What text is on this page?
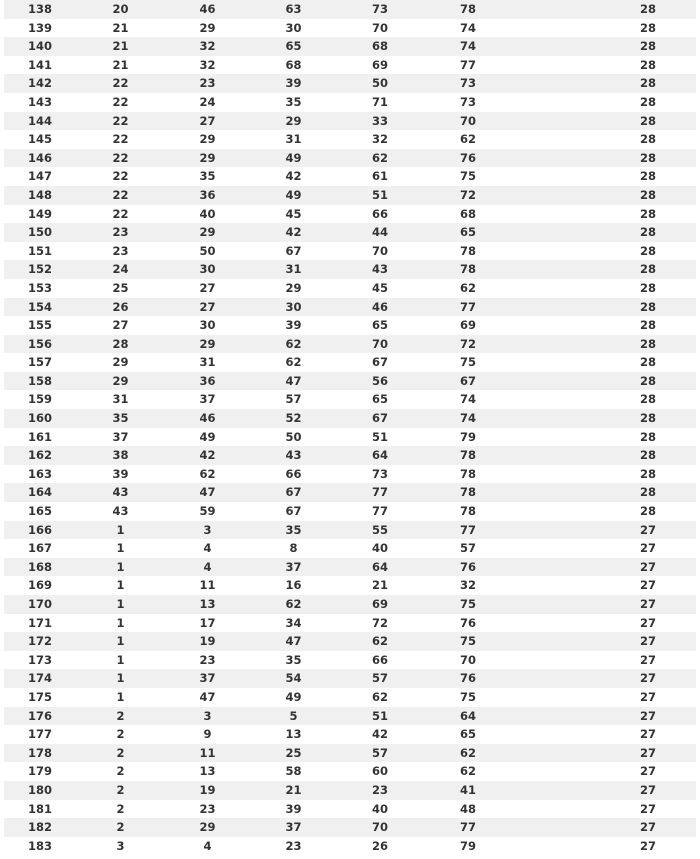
138	20	46	63	73	78	28
139	21	29	30	70	74	28
140	21	32	65	68	74	28
141	21	32	68	69	77	28
142	22	23	39	50	73	28
143	22	24	35	71	73	28
144	22	27	29	33	70	28
145	22	29	31	32	62	28
146	22	29	49	62	76	28
147	22	35	42	61	75	28
148	22	36	49	51	72	28
149	22	40	45	66	68	28
150	23	29	42	44	65	28
151	23	50	67	70	78	28
152	24	30	31	43	78	28
153	25	27	29	45	62	28
154	26	27	30	46	77	28
155	27	30	39	65	69	28
156	28	29	62	70	72	28
157	29	31	62	67	75	28
158	29	36	47	56	67	28
159	31	37	57	65	74	28
160	35	46	52	67	74	28
161	37	49	50	51	79	28
162	38	42	43	64	78	28
163	39	62	66	73	78	28
164	43	47	67	77	78	28
165	43	59	67	77	78	28
166	1	3	35	55	77	27
167	1	4	8	40	57	27
168	1	4	37	64	76	27
169	1	11	16	21	32	27
170	1	13	62	69	75	27
171	1	17	34	72	76	27
172	1	19	47	62	75	27
173	1	23	35	66	70	27
174	1	37	54	57	76	27
175	1	47	49	62	75	27
176	2	3	5	51	64	27
177	2	9	13	42	65	27
178	2	11	25	57	62	27
179	2	13	58	60	62	27
180	2	19	21	23	41	27
181	2	23	39	40	48	27
182	2	29	37	70	77	27
183	3	4	23	26	79	27
